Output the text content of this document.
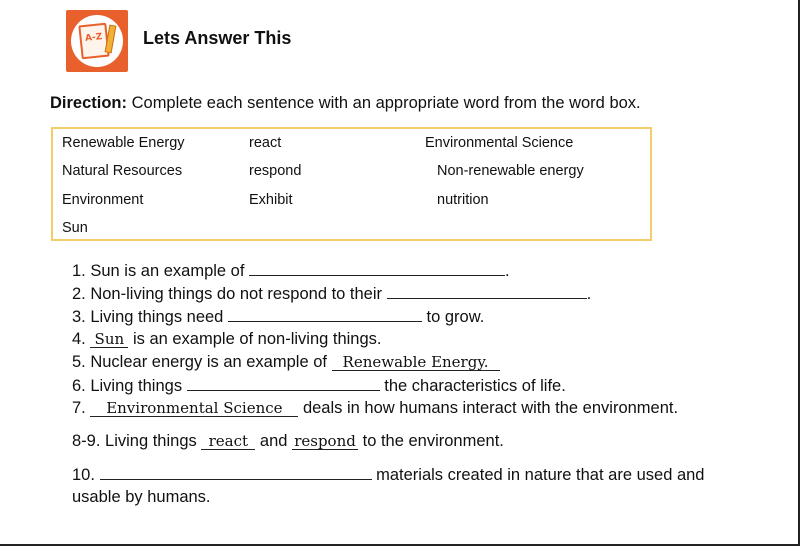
A-Z Lets Answer This
Direction: Complete each sentence with an appropriate word from the word box.
Renewable Energy	react	Environmental Science
Natural Resources	respond	Non-renewable energy
Environment	Exhibit	nutrition
Sun
1. Sun is an example of	.
2. Non-living things do not respond to their	.
3. Living things need	to grow.
4. Sun is an example of non-living things.
5. Nuclear energy is an example of Renewable Energy.
6. Living things	the characteristics of life.
7. Environmental Science deals in how humans interact with the environment.
8-9. Living things react and respond to the environment.
10.	materials created in nature that are used and
usable by humans.
